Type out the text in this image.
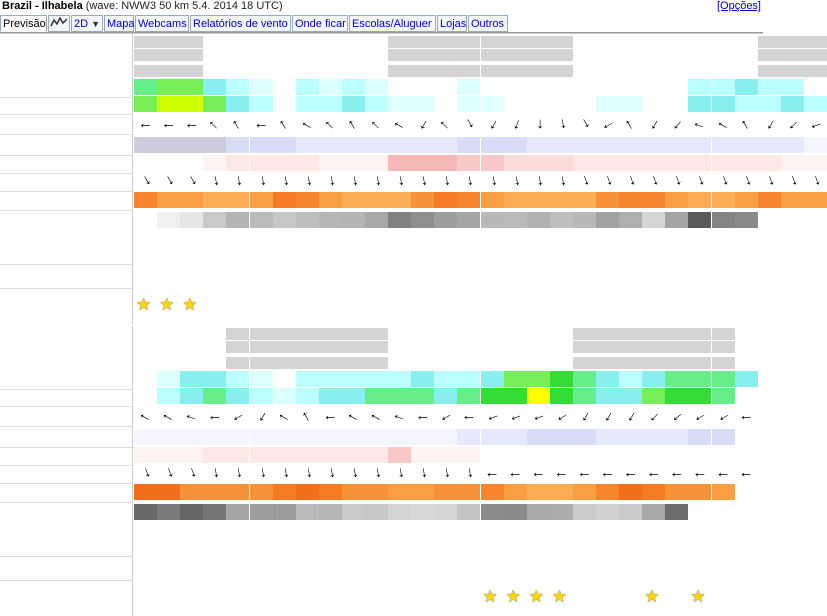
Brazil - Ilhabela (wave: NWW3 50 km 5.4. 2014 18 UTC)	[Opções]
Previsão	2D ▼ Mapa Webcams Relatórios de vento Onde ficar Escolas/Aluguer Lojas Outros
← ← ← ← ← ← ← ← ← ← ← ← ← ← ← ← ← ← ← ← ← ← ← ← ← ← ← ← ← ←
← ← ← ← ← ← ← ← ← ← ← ← ← ← ← ← ← ← ← ← ← ← ← ← ← ← ← ← ← ←
★ ★ ★
← ← ← ← ← ← ← ← ← ← ← ← ← ← ← ← ← ← ← ← ← ← ← ← ← ← ←
← ← ← ← ← ← ← ← ← ← ← ← ← ← ← ← ← ← ← ← ← ← ← ← ← ← ←
★ ★ ★ ★	★ ★
